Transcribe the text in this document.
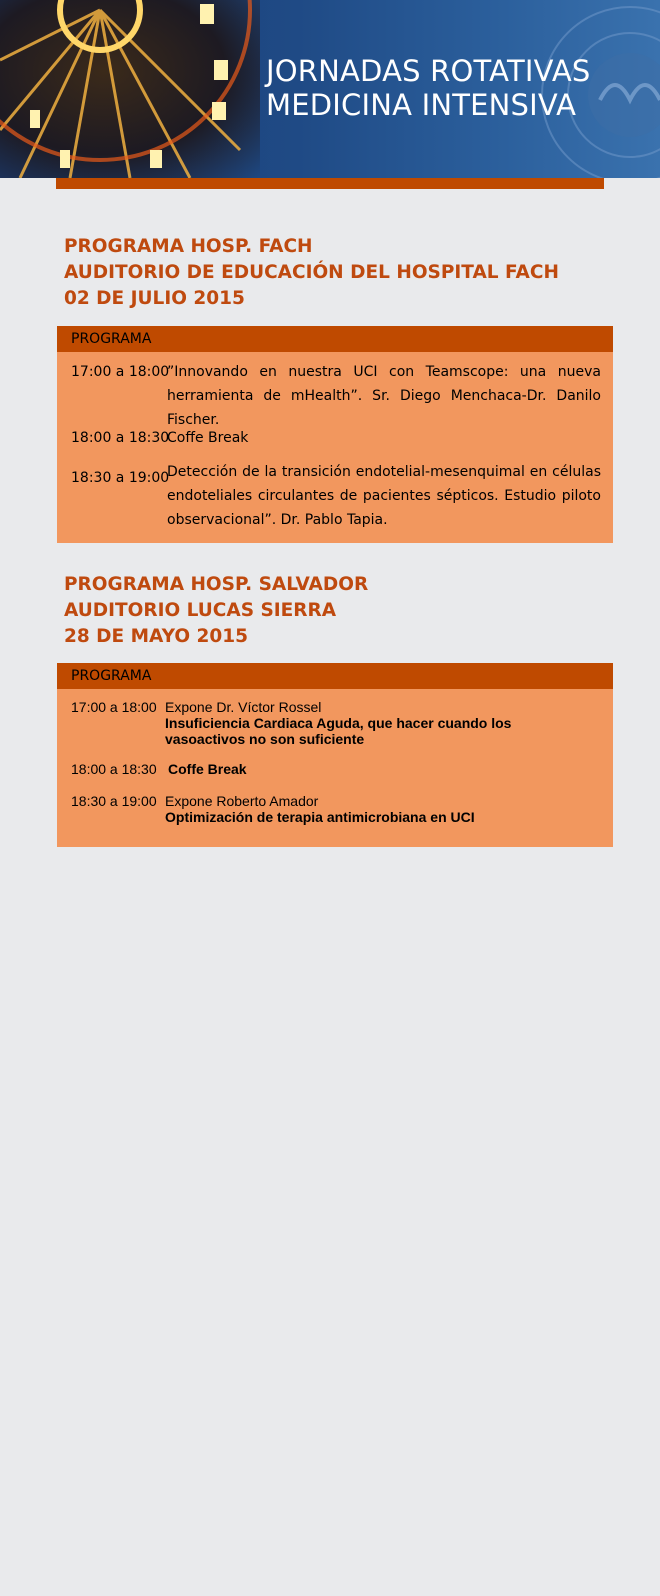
JORNADAS ROTATIVAS
MEDICINA INTENSIVA
PROGRAMA HOSP. FACH
AUDITORIO DE EDUCACIÓN DEL HOSPITAL FACH
02 DE JULIO 2015
PROGRAMA
17:00 a 18:00
”Innovando en nuestra UCI con Teamscope: una nueva herramienta de mHealth”. Sr. Diego Menchaca-Dr. Danilo Fischer.
18:00 a 18:30
Coffe Break
18:30 a 19:00
Detección de la transición endotelial-mesenquimal en células endoteliales circulantes de pacientes sépticos. Estudio piloto observacional”. Dr. Pablo Tapia.
PROGRAMA HOSP. SALVADOR
AUDITORIO LUCAS SIERRA
28 DE MAYO 2015
PROGRAMA
17:00 a 18:00 Expone Dr. Víctor Rossel
Insuficiencia Cardiaca Aguda, que hacer cuando los vasoactivos no son suficiente
18:00 a 18:30 Coffe Break
18:30 a 19:00 Expone Roberto Amador
Optimización de terapia antimicrobiana en UCI
